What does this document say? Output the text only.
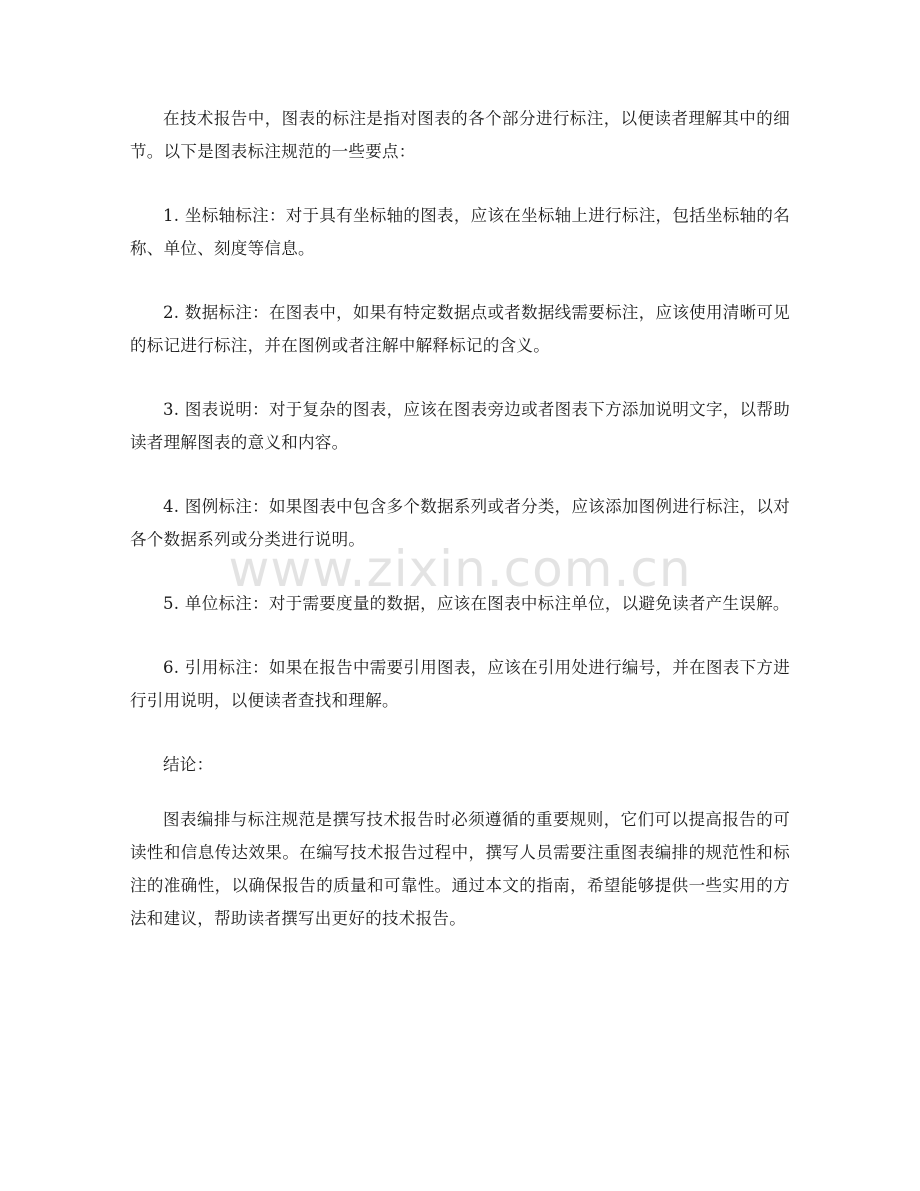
在技术报告中，图表的标注是指对图表的各个部分进行标注，以便读者理解其中的细节。以下是图表标注规范的一些要点：

1. 坐标轴标注：对于具有坐标轴的图表，应该在坐标轴上进行标注，包括坐标轴的名称、单位、刻度等信息。

2. 数据标注：在图表中，如果有特定数据点或者数据线需要标注，应该使用清晰可见的标记进行标注，并在图例或者注解中解释标记的含义。

3. 图表说明：对于复杂的图表，应该在图表旁边或者图表下方添加说明文字，以帮助读者理解图表的意义和内容。

4. 图例标注：如果图表中包含多个数据系列或者分类，应该添加图例进行标注，以对各个数据系列或分类进行说明。

5. 单位标注：对于需要度量的数据，应该在图表中标注单位，以避免读者产生误解。

6. 引用标注：如果在报告中需要引用图表，应该在引用处进行编号，并在图表下方进行引用说明，以便读者查找和理解。

结论：

图表编排与标注规范是撰写技术报告时必须遵循的重要规则，它们可以提高报告的可读性和信息传达效果。在编写技术报告过程中，撰写人员需要注重图表编排的规范性和标注的准确性，以确保报告的质量和可靠性。通过本文的指南，希望能够提供一些实用的方法和建议，帮助读者撰写出更好的技术报告。

www.zixin.com.cn
